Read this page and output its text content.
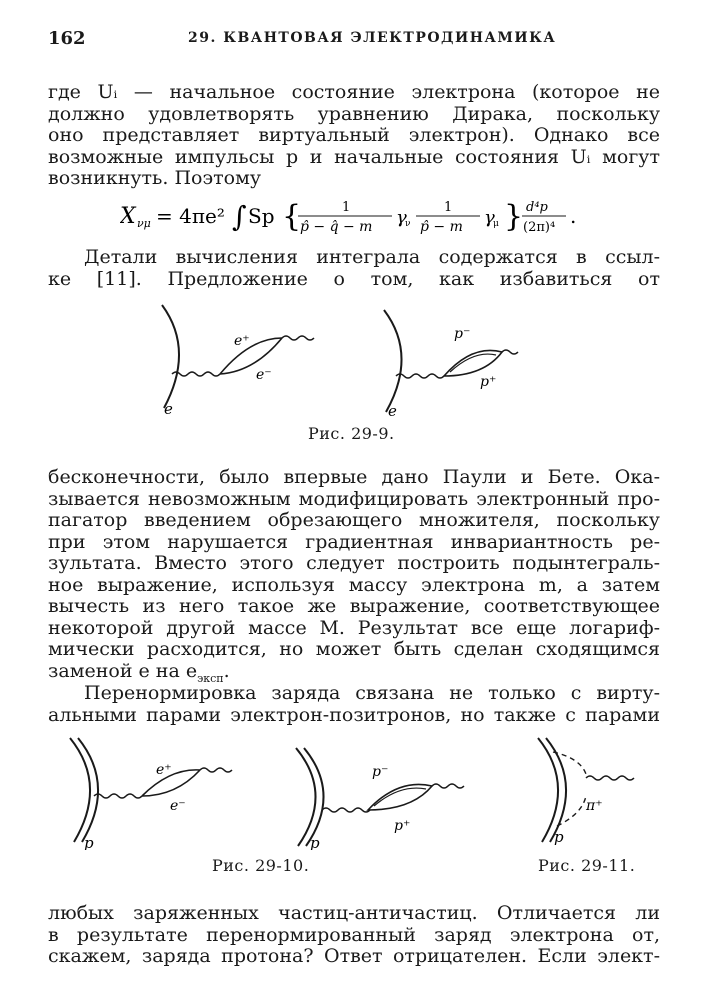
162	29. КВАНТОВАЯ ЭЛЕКТРОДИНАМИКА
где Uᵢ — начальное состояние электрона (которое не
должно удовлетворять уравнению Дирака, поскольку
оно представляет виртуальный электрон). Однако все
возможные импульсы p и начальные состояния Uᵢ могут
возникнуть. Поэтому
X νμ = 4πe² ∫ Sp {	1
p̂ − q̂ − m γ
ν
1
p̂ − m γ
μ } d⁴p
(2π)⁴ .
Детали вычисления интеграла содержатся в ссыл-
ке [11]. Предложение о том, как избавиться от
e⁺
e⁻
e
p⁻
p⁺
e
Рис. 29-9.
бесконечности, было впервые дано Паули и Бете. Ока-
зывается невозможным модифицировать электронный про-
пагатор введением обрезающего множителя, поскольку
при этом нарушается градиентная инвариантность ре-
зультата. Вместо этого следует построить подынтеграль-
ное выражение, используя массу электрона m, а затем
вычесть из него такое же выражение, соответствующее
некоторой другой массе M. Результат все еще логариф-
мически расходится, но может быть сделан сходящимся
заменой e на $e_{эксп}$.
Перенормировка заряда связана не только с вирту-
альными парами электрон-позитронов, но также с парами
e⁺
e⁻
p
p⁻
p⁺
p
π⁺
p
Рис. 29-10.	Рис. 29-11.
любых заряженных частиц-античастиц. Отличается ли
в результате перенормированный заряд электрона от,
скажем, заряда протона? Ответ отрицателен. Если элект-
